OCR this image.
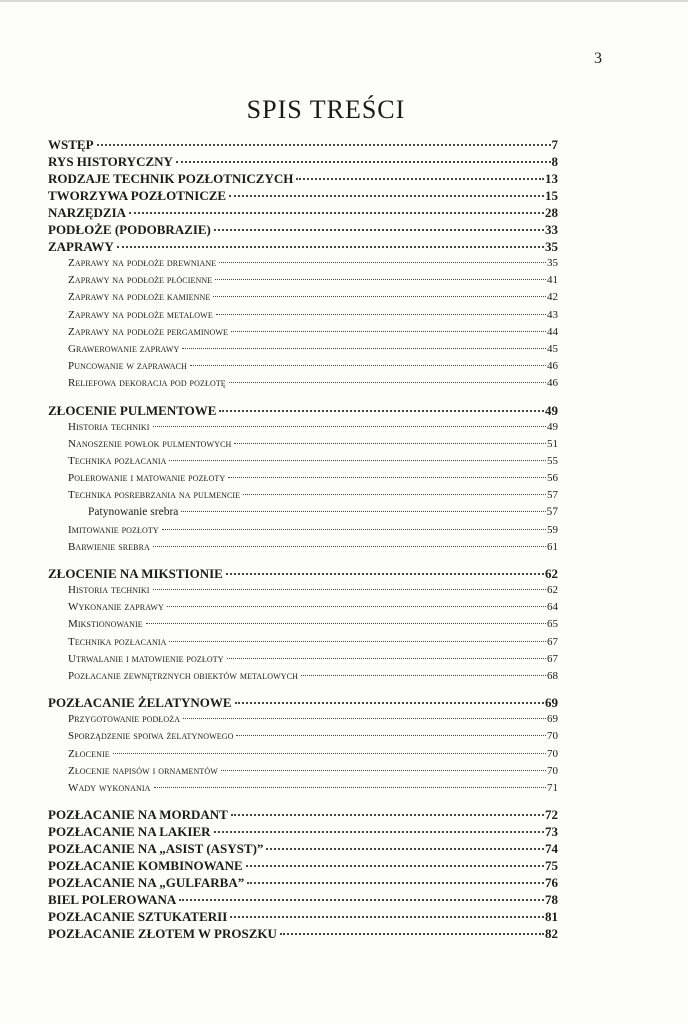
3
SPIS TREŚCI
WSTĘP	7
RYS HISTORYCZNY	8
RODZAJE TECHNIK POZŁOTNICZYCH	13
TWORZYWA POZŁOTNICZE	15
NARZĘDZIA	28
PODŁOŻE (PODOBRAZIE)	33
ZAPRAWY	35
Zaprawy na podłoże drewniane	35
Zaprawy na podłoże płócienne	41
Zaprawy na podłoże kamienne	42
Zaprawy na podłoże metalowe	43
Zaprawy na podłoże pergaminowe	44
Grawerowanie zaprawy	45
Puncowanie w zaprawach	46
Reliefowa dekoracja pod pozłotę	46
ZŁOCENIE PULMENTOWE	49
Historia techniki	49
Nanoszenie powłok pulmentowych	51
Technika pozłacania	55
Polerowanie i matowanie pozłoty	56
Technika posrebrzania na pulmencie	57
Patynowanie srebra	57
Imitowanie pozłoty	59
Barwienie srebra	61
ZŁOCENIE NA MIKSTIONIE	62
Historia techniki	62
Wykonanie zaprawy	64
Mikstionowanie	65
Technika pozłacania	67
Utrwalanie i matowienie pozłoty	67
Pozłacanie zewnętrznych obiektów metalowych	68
POZŁACANIE ŻELATYNOWE	69
Przygotowanie podłoża	69
Sporządzenie spoiwa żelatynowego	70
Złocenie	70
Złocenie napisów i ornamentów	70
Wady wykonania	71
POZŁACANIE NA MORDANT	72
POZŁACANIE NA LAKIER	73
POZŁACANIE NA „ASIST (ASYST)”	74
POZŁACANIE KOMBINOWANE	75
POZŁACANIE NA „GULFARBA”	76
BIEL POLEROWANA	78
POZŁACANIE SZTUKATERII	81
POZŁACANIE ZŁOTEM W PROSZKU	82
